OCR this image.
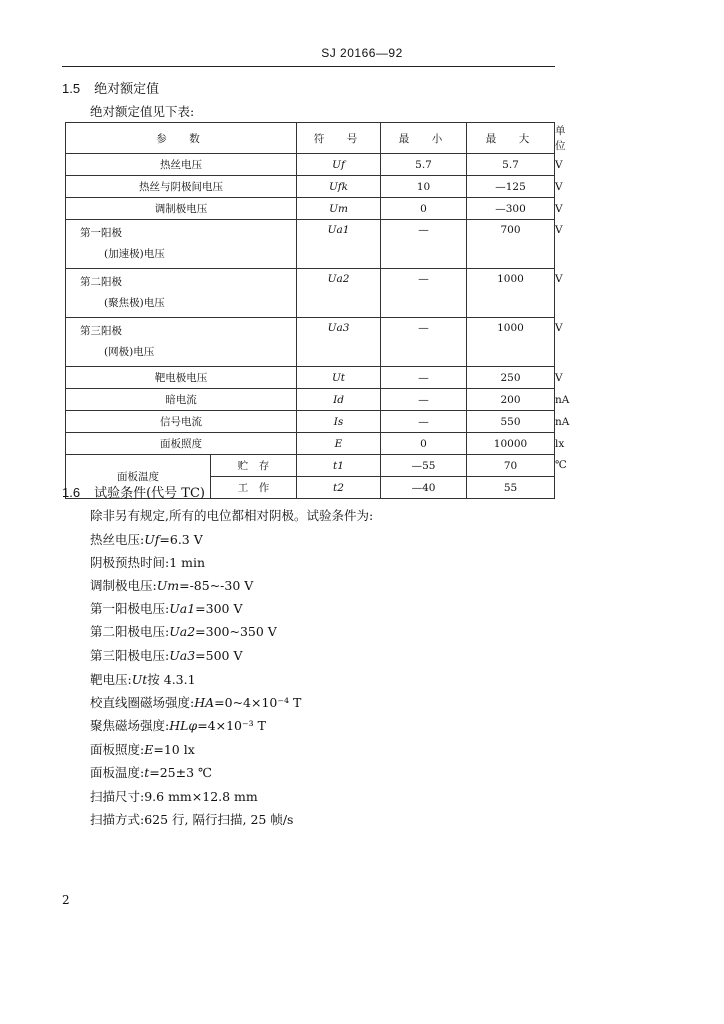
SJ 20166—92
1.5 绝对额定值
绝对额定值见下表:
参　数		符　号	最　小	最　大	单　位
热丝电压		Uf	5.7	5.7	V
热丝与阴极间电压		Ufk	10	—125	V
调制极电压		Um	0	—300	V

第一阳极
(加速极)电压		Ua1	—	700	V

第二阳极
(聚焦极)电压		Ua2	—	1000	V

第三阳极
(网极)电压		Ua3	—	1000	V
靶电极电压		Ut	—	250	V
暗电流		Id	—	200	nA
信号电流		Is	—	550	nA
面板照度		E	0	10000	lx
面板温度	贮　存	t1	—55	70	℃
	工　作	t2	—40	55	
1.6 试验条件(代号 TC)
除非另有规定,所有的电位都相对阴极。试验条件为:
热丝电压:Uf=6.3 V
阴极预热时间:1 min
调制极电压:Um=-85~-30 V
第一阳极电压:Ua1=300 V
第二阳极电压:Ua2=300~350 V
第三阳极电压:Ua3=500 V
靶电压:Ut按 4.3.1
校直线圈磁场强度:HA=0~4×10⁻⁴ T
聚焦磁场强度:HLφ=4×10⁻³ T
面板照度:E=10 lx
面板温度:t=25±3 ℃
扫描尺寸:9.6 mm×12.8 mm
扫描方式:625 行, 隔行扫描, 25 帧/s
2
